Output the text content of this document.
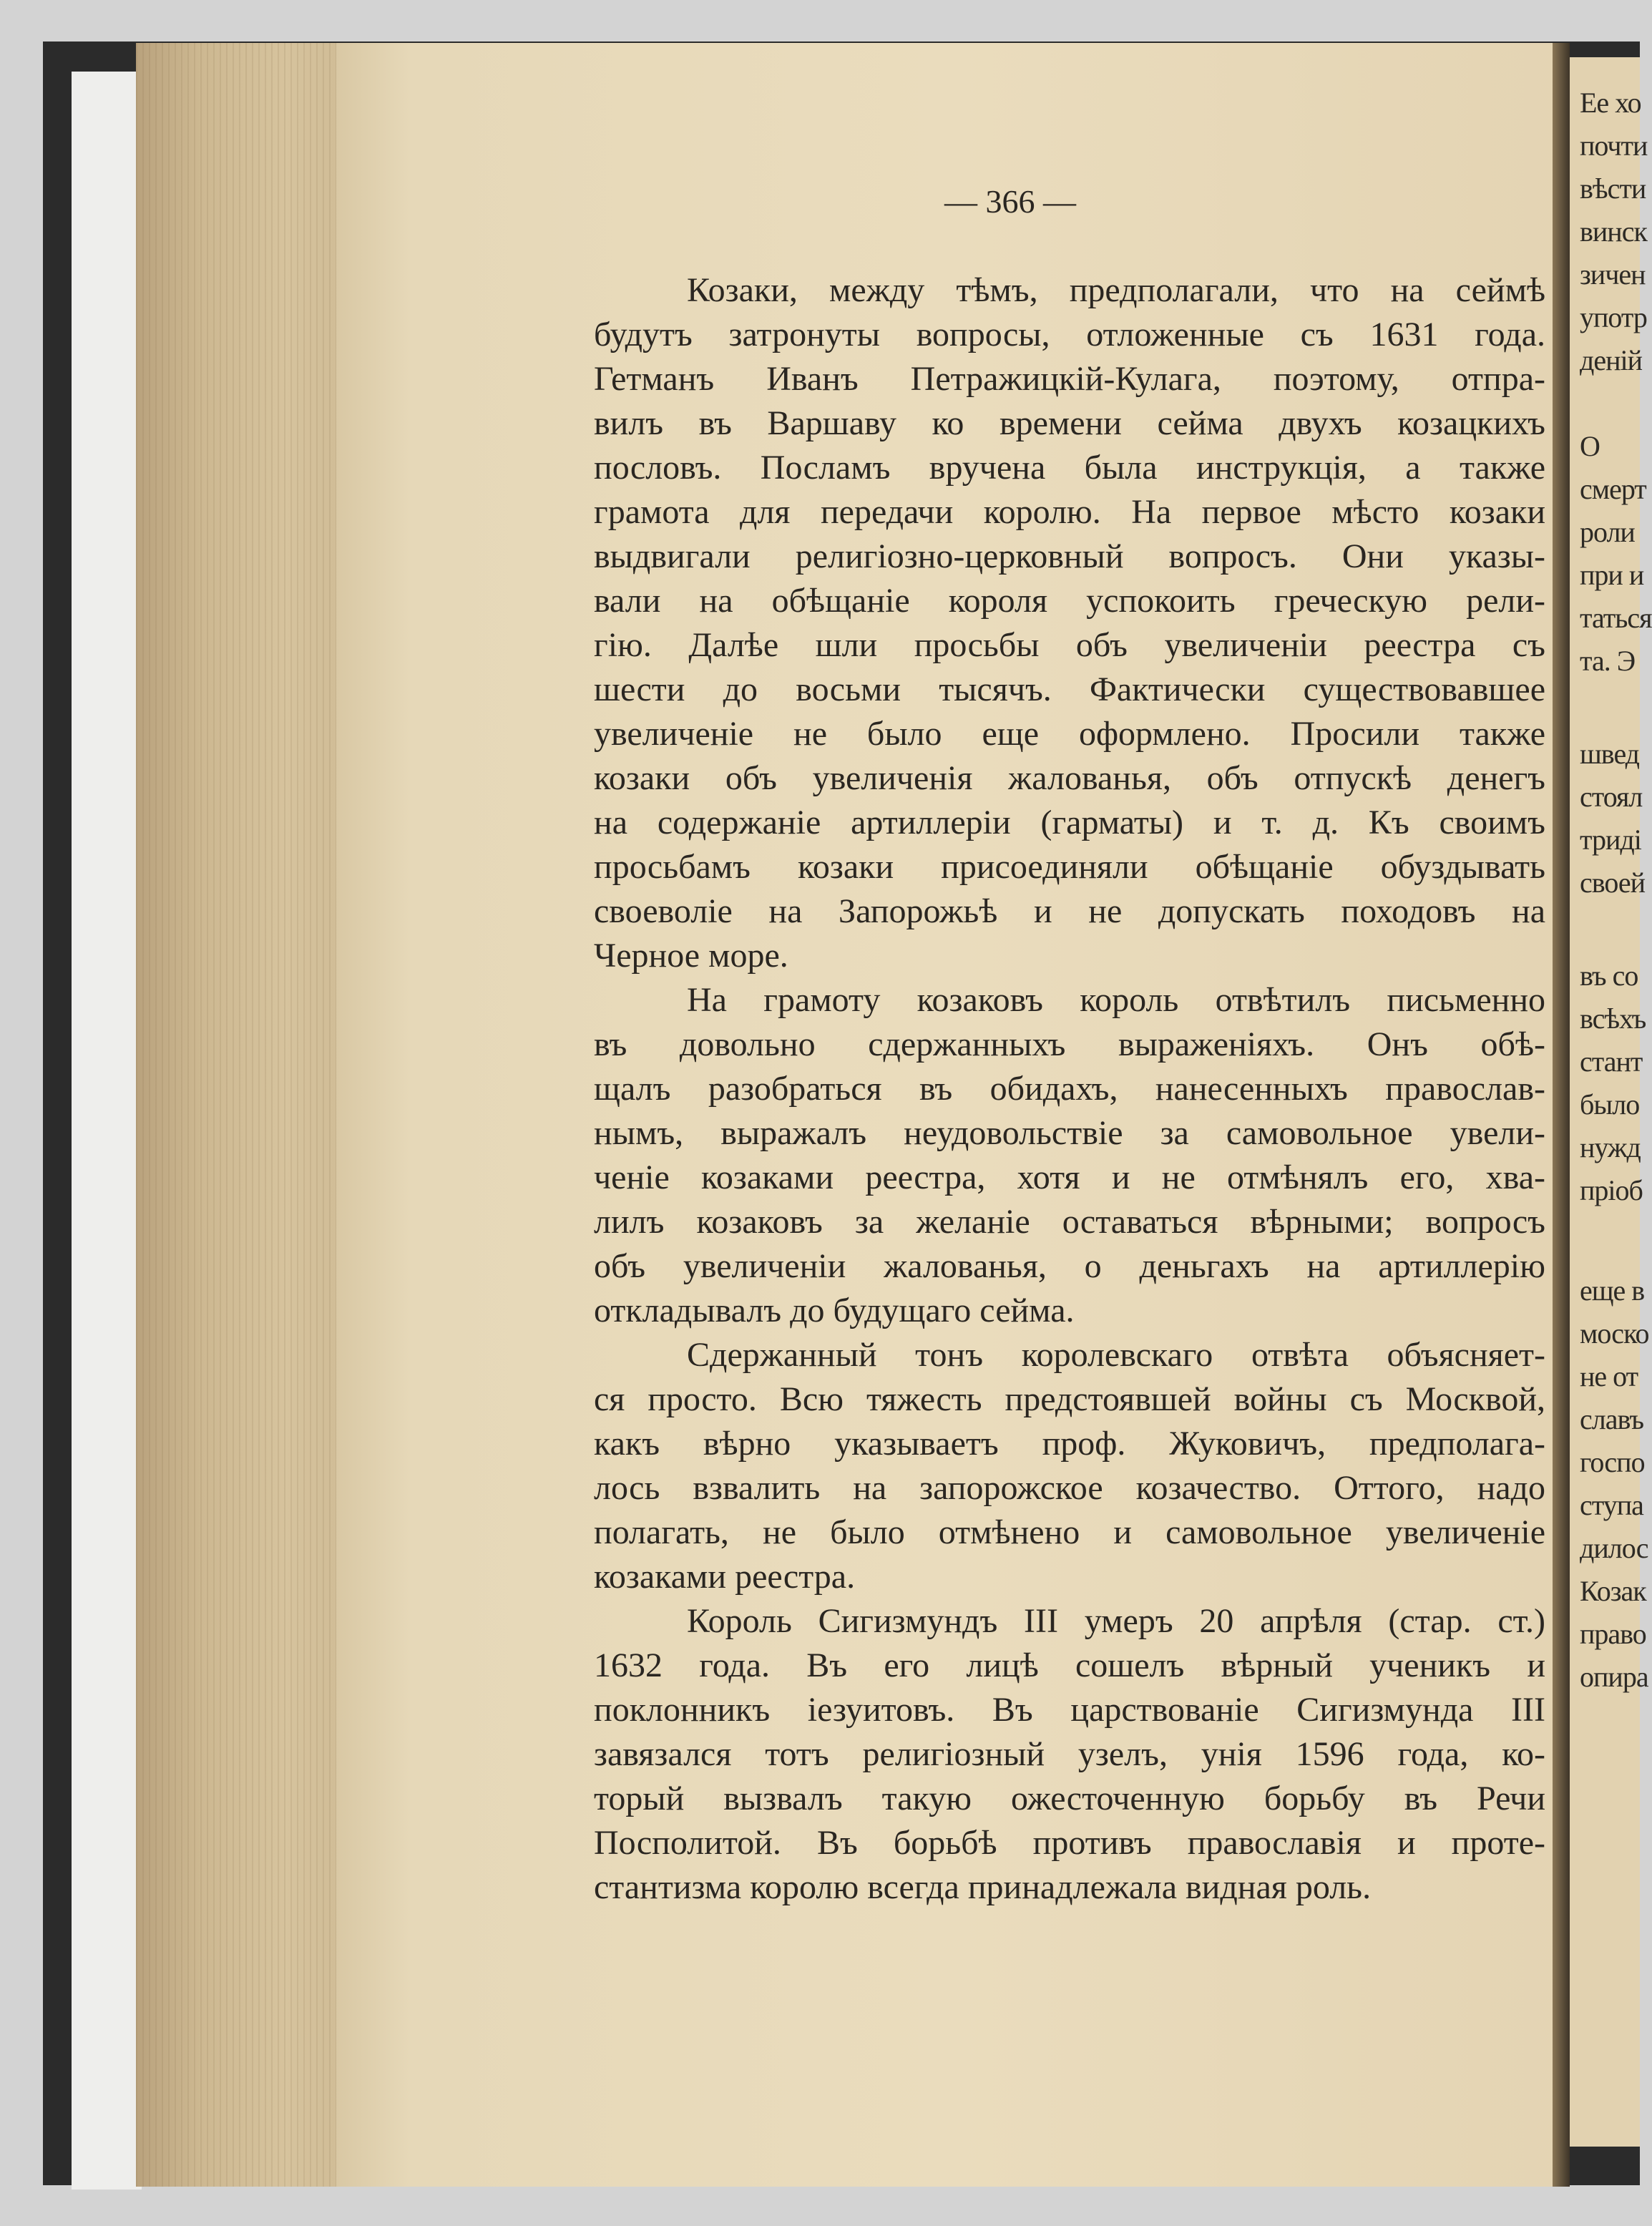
Ее хо
почти
вѣсти
винск
зичен
употр
деній
О
смерт
роли
при и
таться
та. Э
швед
стоял
триді
своей
въ со
всѣхъ
стант
было
нужд
пріоб
еще в
моско
не от
славъ
госпо
ступа
дилос
Козак
право
опира
— 366 —
Козаки, между тѣмъ, предполагали, что на сеймѣ
будутъ затронуты вопросы, отложенные съ 1631 года.
Гетманъ Иванъ Петражицкій-Кулага, поэтому, отпра-
вилъ въ Варшаву ко времени сейма двухъ козацкихъ
пословъ. Посламъ вручена была инструкція, а также
грамота для передачи королю. На первое мѣсто козаки
выдвигали религіозно-церковный вопросъ. Они указы-
вали на обѣщаніе короля успокоить греческую рели-
гію. Далѣе шли просьбы объ увеличеніи реестра съ
шести до восьми тысячъ. Фактически существовавшее
увеличеніе не было еще оформлено. Просили также
козаки объ увеличенія жалованья, объ отпускѣ денегъ
на содержаніе артиллеріи (гарматы) и т. д. Къ своимъ
просьбамъ козаки присоединяли обѣщаніе обуздывать
своеволіе на Запорожьѣ и не допускать походовъ на
Черное море.
На грамоту козаковъ король отвѣтилъ письменно
въ довольно сдержанныхъ выраженіяхъ. Онъ обѣ-
щалъ разобраться въ обидахъ, нанесенныхъ православ-
нымъ, выражалъ неудовольствіе за самовольное увели-
ченіе козаками реестра, хотя и не отмѣнялъ его, хва-
лилъ козаковъ за желаніе оставаться вѣрными; вопросъ
объ увеличеніи жалованья, о деньгахъ на артиллерію
откладывалъ до будущаго сейма.
Сдержанный тонъ королевскаго отвѣта объясняет-
ся просто. Всю тяжесть предстоявшей войны съ Москвой,
какъ вѣрно указываетъ проф. Жуковичъ, предполага-
лось взвалить на запорожское козачество. Оттого, надо
полагать, не было отмѣнено и самовольное увеличеніе
козаками реестра.
Король Сигизмундъ III умеръ 20 апрѣля (стар. ст.)
1632 года. Въ его лицѣ сошелъ вѣрный ученикъ и
поклонникъ іезуитовъ. Въ царствованіе Сигизмунда III
завязался тотъ религіозный узелъ, унія 1596 года, ко-
торый вызвалъ такую ожесточенную борьбу въ Речи
Посполитой. Въ борьбѣ противъ православія и проте-
стантизма королю всегда принадлежала видная роль.
